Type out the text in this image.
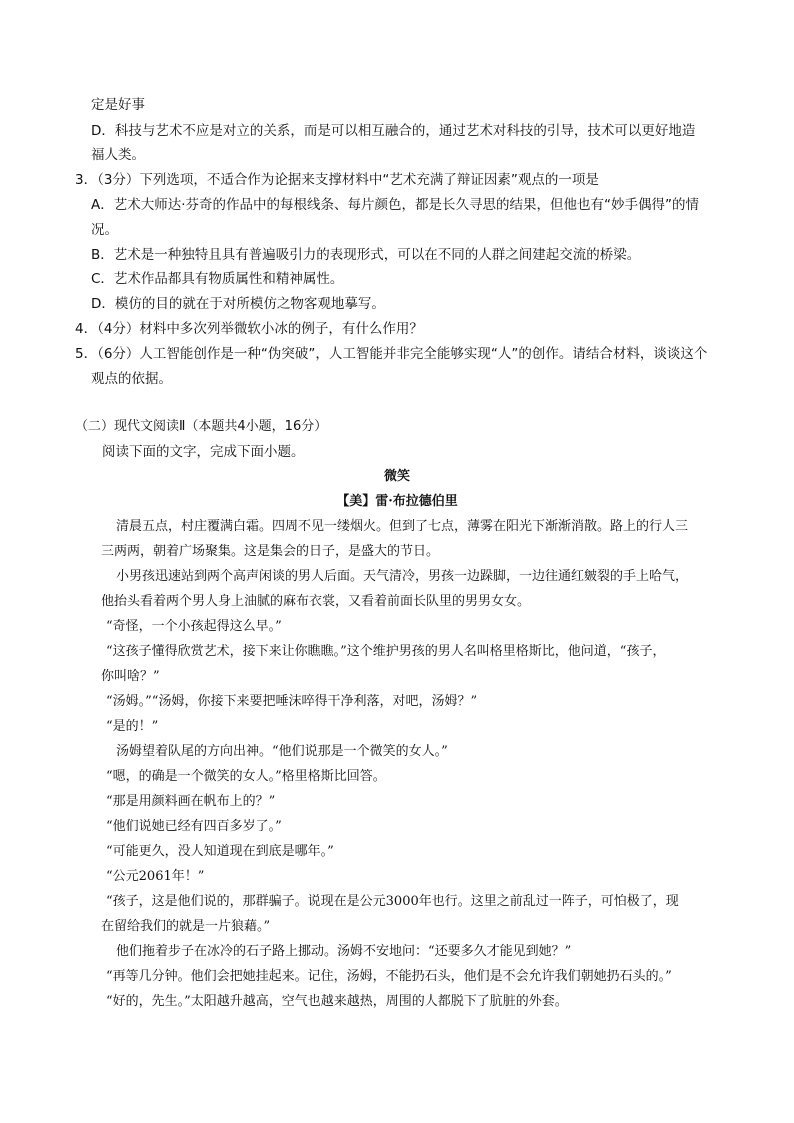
定是好事
D．科技与艺术不应是对立的关系，而是可以相互融合的，通过艺术对科技的引导，技术可以更好地造
福人类。
3．（3分）下列选项，不适合作为论据来支撑材料中“艺术充满了辩证因素”观点的一项是
A．艺术大师达·芬奇的作品中的每根线条、每片颜色，都是长久寻思的结果，但他也有“妙手偶得”的情
况。
B．艺术是一种独特且具有普遍吸引力的表现形式，可以在不同的人群之间建起交流的桥梁。
C．艺术作品都具有物质属性和精神属性。
D．模仿的目的就在于对所模仿之物客观地摹写。
4．（4分）材料中多次列举微软小冰的例子，有什么作用？
5．（6分）人工智能创作是一种“伪突破”，人工智能并非完全能够实现“人”的创作。请结合材料，谈谈这个
观点的依据。
（二）现代文阅读Ⅱ（本题共4小题，16分）
阅读下面的文字，完成下面小题。
微笑
【美】雷·布拉德伯里
清晨五点，村庄覆满白霜。四周不见一缕烟火。但到了七点，薄雾在阳光下渐渐消散。路上的行人三
三两两，朝着广场聚集。这是集会的日子，是盛大的节日。
小男孩迅速站到两个高声闲谈的男人后面。天气清冷，男孩一边跺脚，一边往通红皴裂的手上哈气，
他抬头看着两个男人身上油腻的麻布衣裳，又看着前面长队里的男男女女。
“奇怪，一个小孩起得这么早。”
“这孩子懂得欣赏艺术，接下来让你瞧瞧。”这个维护男孩的男人名叫格里格斯比，他问道，“孩子，
你叫啥？”
“汤姆。”“汤姆，你接下来要把唾沫啐得干净利落，对吧，汤姆？”
“是的！”
汤姆望着队尾的方向出神。“他们说那是一个微笑的女人。”
“嗯，的确是一个微笑的女人。”格里格斯比回答。
“那是用颜料画在帆布上的？”
“他们说她已经有四百多岁了。”
“可能更久，没人知道现在到底是哪年。”
“公元2061年！”
“孩子，这是他们说的，那群骗子。说现在是公元3000年也行。这里之前乱过一阵子，可怕极了，现
在留给我们的就是一片狼藉。”
他们拖着步子在冰冷的石子路上挪动。汤姆不安地问：“还要多久才能见到她？”
“再等几分钟。他们会把她挂起来。记住，汤姆，不能扔石头，他们是不会允许我们朝她扔石头的。”
“好的，先生。”太阳越升越高，空气也越来越热，周围的人都脱下了肮脏的外套。
